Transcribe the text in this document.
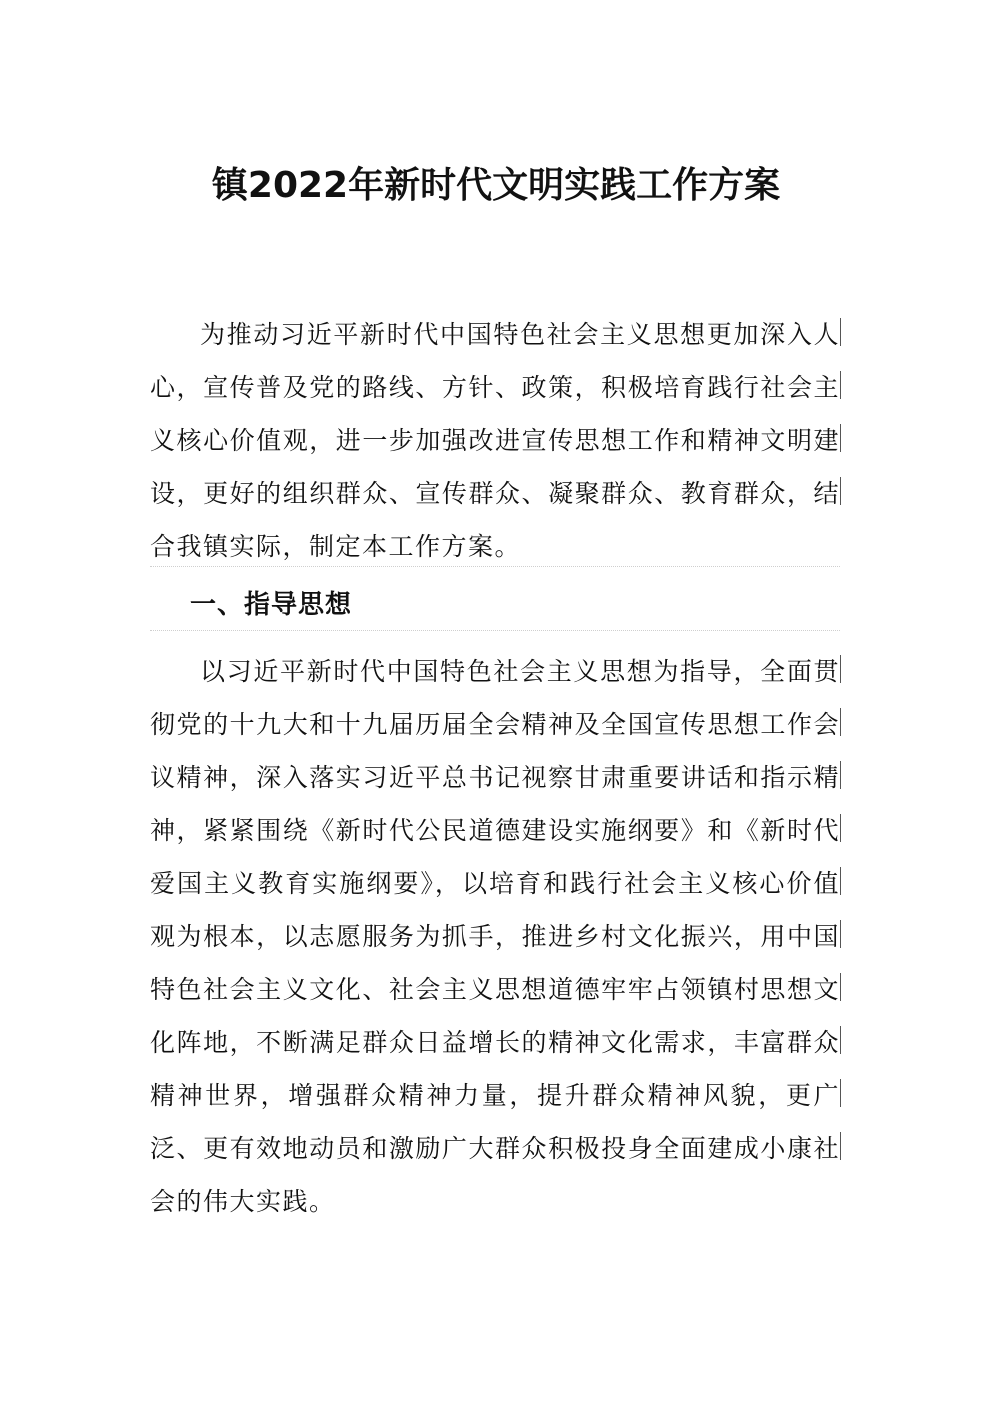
镇2022年新时代文明实践工作方案

为推动习近平新时代中国特色社会主义思想更加深入人心，宣传普及党的路线、方针、政策，积极培育践行社会主义核心价值观，进一步加强改进宣传思想工作和精神文明建设，更好的组织群众、宣传群众、凝聚群众、教育群众，结合我镇实际，制定本工作方案。

一、指导思想

以习近平新时代中国特色社会主义思想为指导，全面贯彻党的十九大和十九届历届全会精神及全国宣传思想工作会议精神，深入落实习近平总书记视察甘肃重要讲话和指示精神，紧紧围绕《新时代公民道德建设实施纲要》和《新时代爱国主义教育实施纲要》，以培育和践行社会主义核心价值观为根本，以志愿服务为抓手，推进乡村文化振兴，用中国特色社会主义文化、社会主义思想道德牢牢占领镇村思想文化阵地，不断满足群众日益增长的精神文化需求，丰富群众精神世界，增强群众精神力量，提升群众精神风貌，更广泛、更有效地动员和激励广大群众积极投身全面建成小康社会的伟大实践。
